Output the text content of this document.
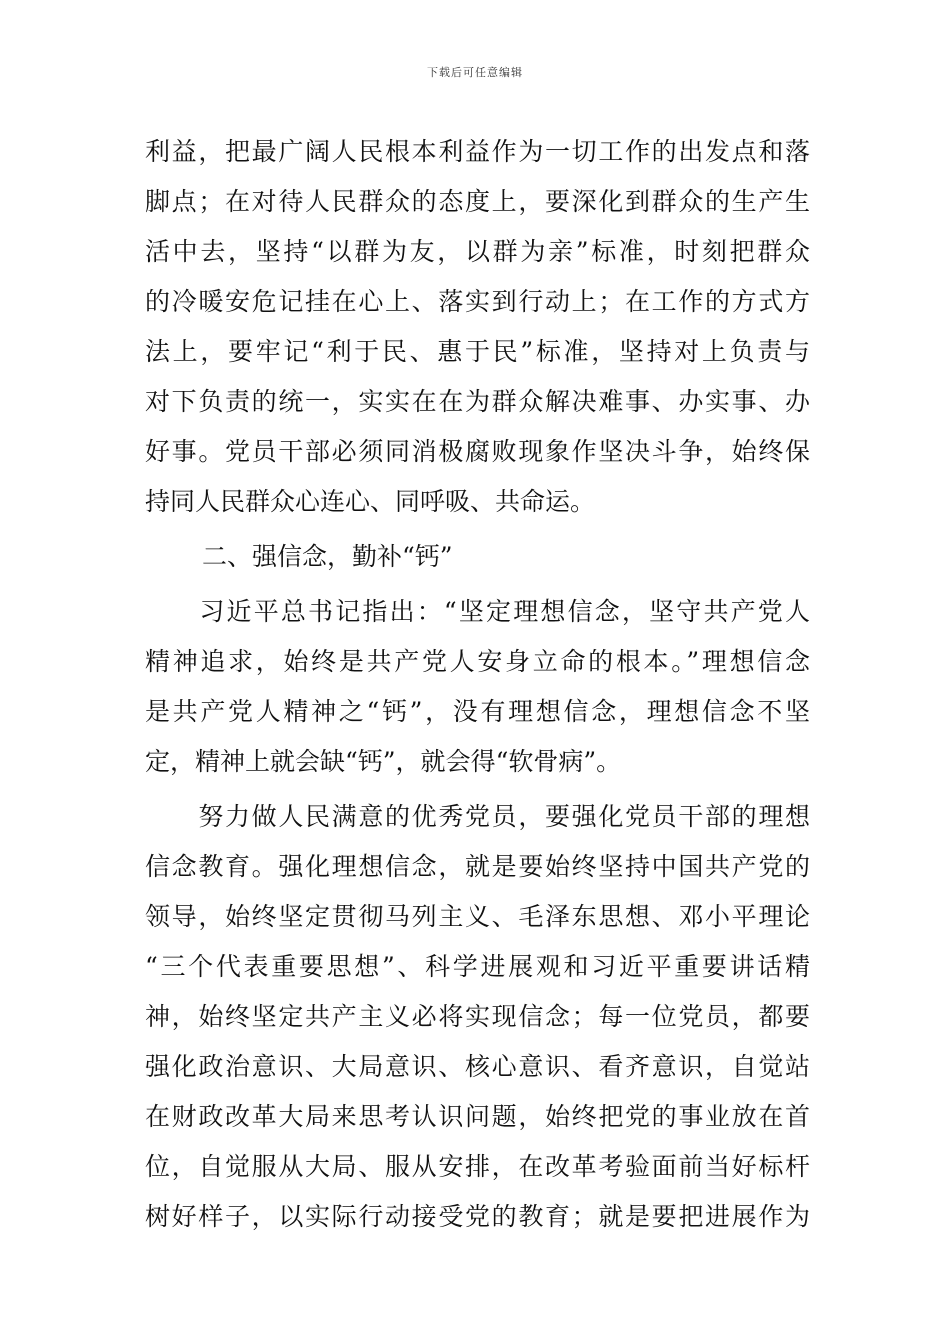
下载后可任意编辑
利益，把最广阔人民根本利益作为一切工作的出发点和落
脚点；在对待人民群众的态度上，要深化到群众的生产生
活中去，坚持“以群为友，以群为亲”标准，时刻把群众
的冷暖安危记挂在心上、落实到行动上；在工作的方式方
法上，要牢记“利于民、惠于民”标准，坚持对上负责与
对下负责的统一，实实在在为群众解决难事、办实事、办
好事。党员干部必须同消极腐败现象作坚决斗争，始终保
持同人民群众心连心、同呼吸、共命运。
二、强信念，勤补“钙”
　　习近平总书记指出：“坚定理想信念，坚守共产党人
精神追求，始终是共产党人安身立命的根本。”理想信念
是共产党人精神之“钙”，没有理想信念，理想信念不坚
定，精神上就会缺“钙”，就会得“软骨病”。
　　努力做人民满意的优秀党员，要强化党员干部的理想
信念教育。强化理想信念，就是要始终坚持中国共产党的
领导，始终坚定贯彻马列主义、毛泽东思想、邓小平理论
“三个代表重要思想”、科学进展观和习近平重要讲话精
神，始终坚定共产主义必将实现信念；每一位党员，都要
强化政治意识、大局意识、核心意识、看齐意识，自觉站
在财政改革大局来思考认识问题，始终把党的事业放在首
位，自觉服从大局、服从安排，在改革考验面前当好标杆
树好样子，以实际行动接受党的教育；就是要把进展作为
